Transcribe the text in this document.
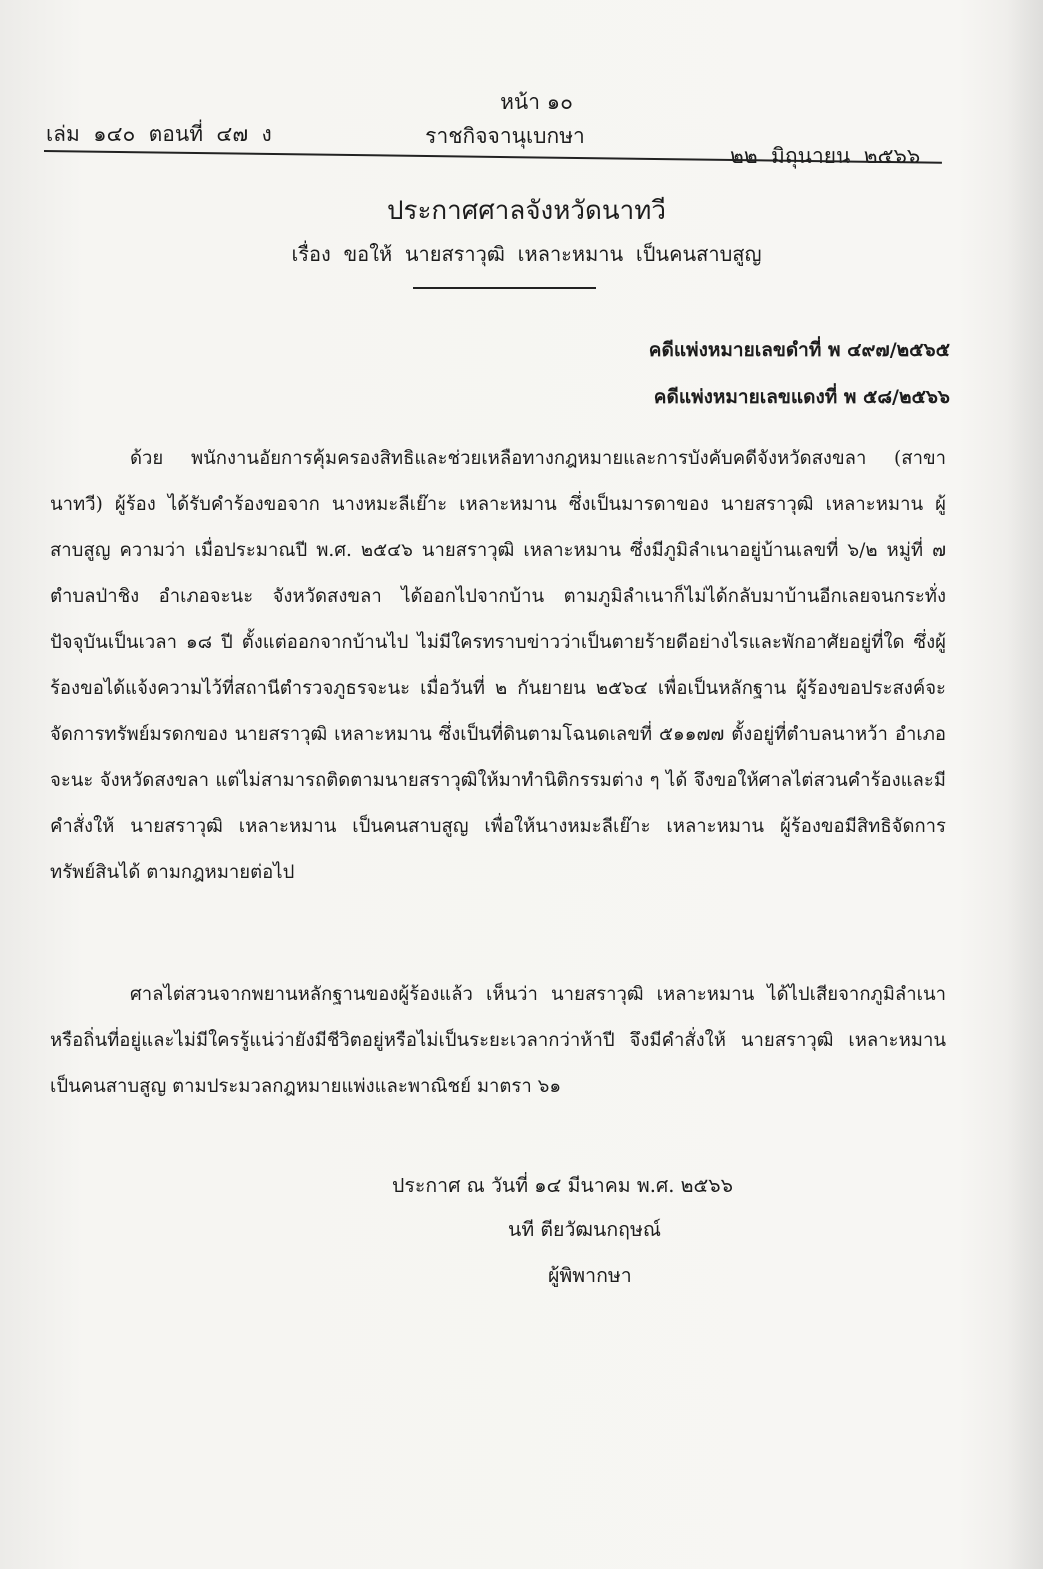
หน้า ๑๐
เล่ม  ๑๔๐  ตอนที่  ๔๗  ง	ราชกิจจานุเบกษา
๒๒  มิถุนายน  ๒๕๖๖
ประกาศศาลจังหวัดนาทวี
เรื่อง  ขอให้  นายสราวุฒิ  เหลาะหมาน  เป็นคนสาบสูญ
คดีแพ่งหมายเลขดำที่ พ ๔๙๗/๒๕๖๕
คดีแพ่งหมายเลขแดงที่ พ ๕๘/๒๕๖๖
ด้วย พนักงานอัยการคุ้มครองสิทธิและช่วยเหลือทางกฎหมายและการบังคับคดีจังหวัดสงขลา (สาขานาทวี) ผู้ร้อง ได้รับคำร้องขอจาก นางหมะลีเย๊าะ เหลาะหมาน ซึ่งเป็นมารดาของ นายสราวุฒิ เหลาะหมาน ผู้สาบสูญ ความว่า เมื่อประมาณปี พ.ศ. ๒๕๔๖ นายสราวุฒิ เหลาะหมาน ซึ่งมีภูมิลำเนาอยู่บ้านเลขที่ ๖/๒ หมู่ที่ ๗ ตำบลป่าชิง อำเภอจะนะ จังหวัดสงขลา ได้ออกไปจากบ้าน ตามภูมิลำเนาก็ไม่ได้กลับมาบ้านอีกเลยจนกระทั่งปัจจุบันเป็นเวลา ๑๘ ปี ตั้งแต่ออกจากบ้านไป ไม่มีใครทราบข่าวว่าเป็นตายร้ายดีอย่างไรและพักอาศัยอยู่ที่ใด ซึ่งผู้ร้องขอได้แจ้งความไว้ที่สถานีตำรวจภูธรจะนะ เมื่อวันที่ ๒ กันยายน ๒๕๖๔ เพื่อเป็นหลักฐาน ผู้ร้องขอประสงค์จะจัดการทรัพย์มรดกของ นายสราวุฒิ เหลาะหมาน ซึ่งเป็นที่ดินตามโฉนดเลขที่ ๕๑๑๗๗ ตั้งอยู่ที่ตำบลนาหว้า อำเภอจะนะ จังหวัดสงขลา แต่ไม่สามารถติดตามนายสราวุฒิให้มาทำนิติกรรมต่าง ๆ ได้ จึงขอให้ศาลไต่สวนคำร้องและมีคำสั่งให้ นายสราวุฒิ เหลาะหมาน เป็นคนสาบสูญ เพื่อให้นางหมะลีเย๊าะ เหลาะหมาน ผู้ร้องขอมีสิทธิจัดการทรัพย์สินได้ ตามกฎหมายต่อไป
ศาลไต่สวนจากพยานหลักฐานของผู้ร้องแล้ว เห็นว่า นายสราวุฒิ เหลาะหมาน ได้ไปเสียจากภูมิลำเนา หรือถิ่นที่อยู่และไม่มีใครรู้แน่ว่ายังมีชีวิตอยู่หรือไม่เป็นระยะเวลากว่าห้าปี จึงมีคำสั่งให้ นายสราวุฒิ เหลาะหมาน เป็นคนสาบสูญ ตามประมวลกฎหมายแพ่งและพาณิชย์ มาตรา ๖๑
ประกาศ ณ วันที่ ๑๔ มีนาคม พ.ศ. ๒๕๖๖
นที ตียวัฒนกฤษณ์
ผู้พิพากษา
